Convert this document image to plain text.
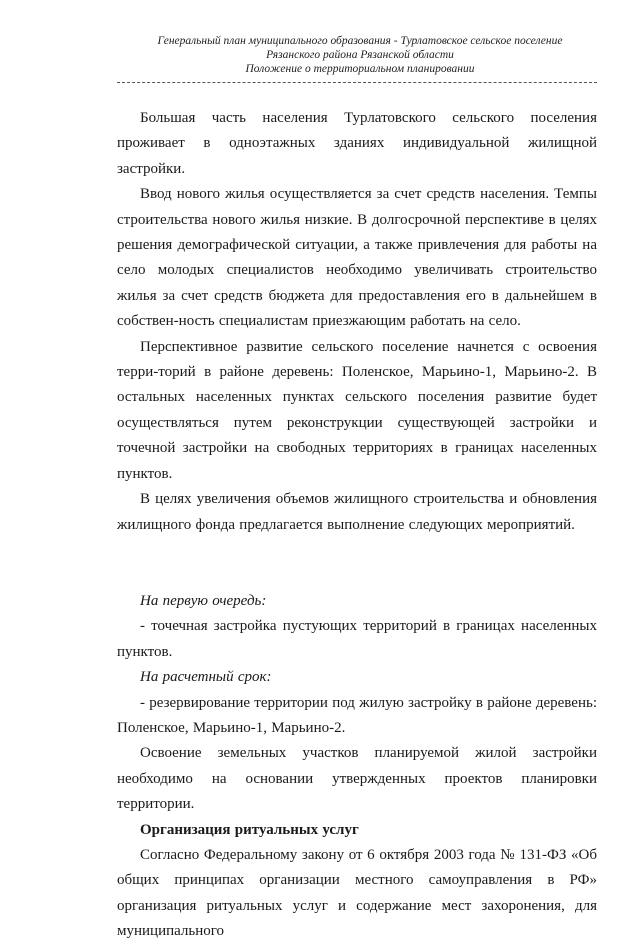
Генеральный план муниципального образования - Турлатовское сельское поселение
Рязанского района Рязанской области
Положение о территориальном планировании

Большая часть населения Турлатовского сельского поселения проживает в одноэтажных зданиях индивидуальной жилищной застройки.

Ввод нового жилья осуществляется за счет средств населения. Темпы строительства нового жилья низкие. В долгосрочной перспективе в целях решения демографической ситуации, а также привлечения для работы на село молодых специалистов необходимо увеличивать строительство жилья за счет средств бюджета для предоставления его в дальнейшем в собствен-ность специалистам приезжающим работать на село.

Перспективное развитие сельского поселение начнется с освоения терри-торий в районе деревень: Поленское, Марьино-1, Марьино-2. В остальных населенных пунктах сельского поселения развитие будет осуществляться путем реконструкции существующей застройки и точечной застройки на свободных территориях в границах населенных пунктов.

В целях увеличения объемов жилищного строительства и обновления жилищного фонда предлагается выполнение следующих мероприятий.

На первую очередь:

- точечная застройка пустующих территорий в границах населенных пунктов.

На расчетный срок:

- резервирование территории под жилую застройку в районе деревень: Поленское, Марьино-1, Марьино-2.

Освоение земельных участков планируемой жилой застройки необходимо на основании утвержденных проектов планировки территории.

Организация ритуальных услуг

Согласно Федеральному закону от 6 октября 2003 года № 131-ФЗ «Об общих принципах организации местного самоуправления в РФ» организация ритуальных услуг и содержание мест захоронения, для муниципального
